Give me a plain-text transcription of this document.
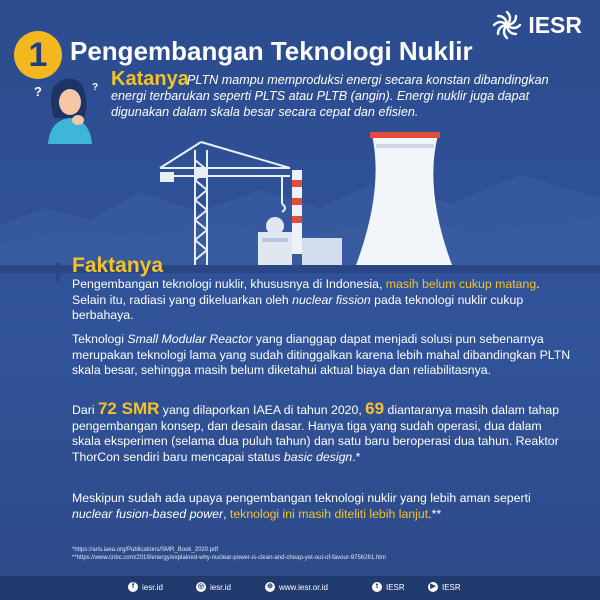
1 Pengembangan Teknologi Nuklir
IESR
?	? Katanya
PLTN mampu memproduksi energi secara konstan dibandingkan energi terbarukan seperti PLTS atau PLTB (angin). Energi nuklir juga dapat digunakan dalam skala besar secara cepat dan efisien.
Faktanya
Pengembangan teknologi nuklir, khususnya di Indonesia, masih belum cukup matang. Selain itu, radiasi yang dikeluarkan oleh nuclear fission pada teknologi nuklir cukup berbahaya.
Teknologi Small Modular Reactor yang dianggap dapat menjadi solusi pun sebenarnya merupakan teknologi lama yang sudah ditinggalkan karena lebih mahal dibandingkan PLTN skala besar, sehingga masih belum diketahui aktual biaya dan reliabilitasnya.
Dari 72 SMR yang dilaporkan IAEA di tahun 2020, 69 diantaranya masih dalam tahap pengembangan konsep, dan desain dasar. Hanya tiga yang sudah operasi, dua dalam skala eksperimen (selama dua puluh tahun) dan satu baru beroperasi dua tahun. Reaktor ThorCon sendiri baru mencapai status basic design.*
Meskipun sudah ada upaya pengembangan teknologi nuklir yang lebih aman seperti nuclear fusion-based power, teknologi ini masih diteliti lebih lanjut.**
*https://aris.iaea.org/Publications/SMR_Book_2020.pdf
**https://www.cnbc.com/2019/energy/explained-why-nuclear-power-is-clean-and-cheap-yet-out-of-favour-9756261.htm
f iesr.id	◎ iesr.id	⊕ www.iesr.or.id	t IESR	▶ IESR
